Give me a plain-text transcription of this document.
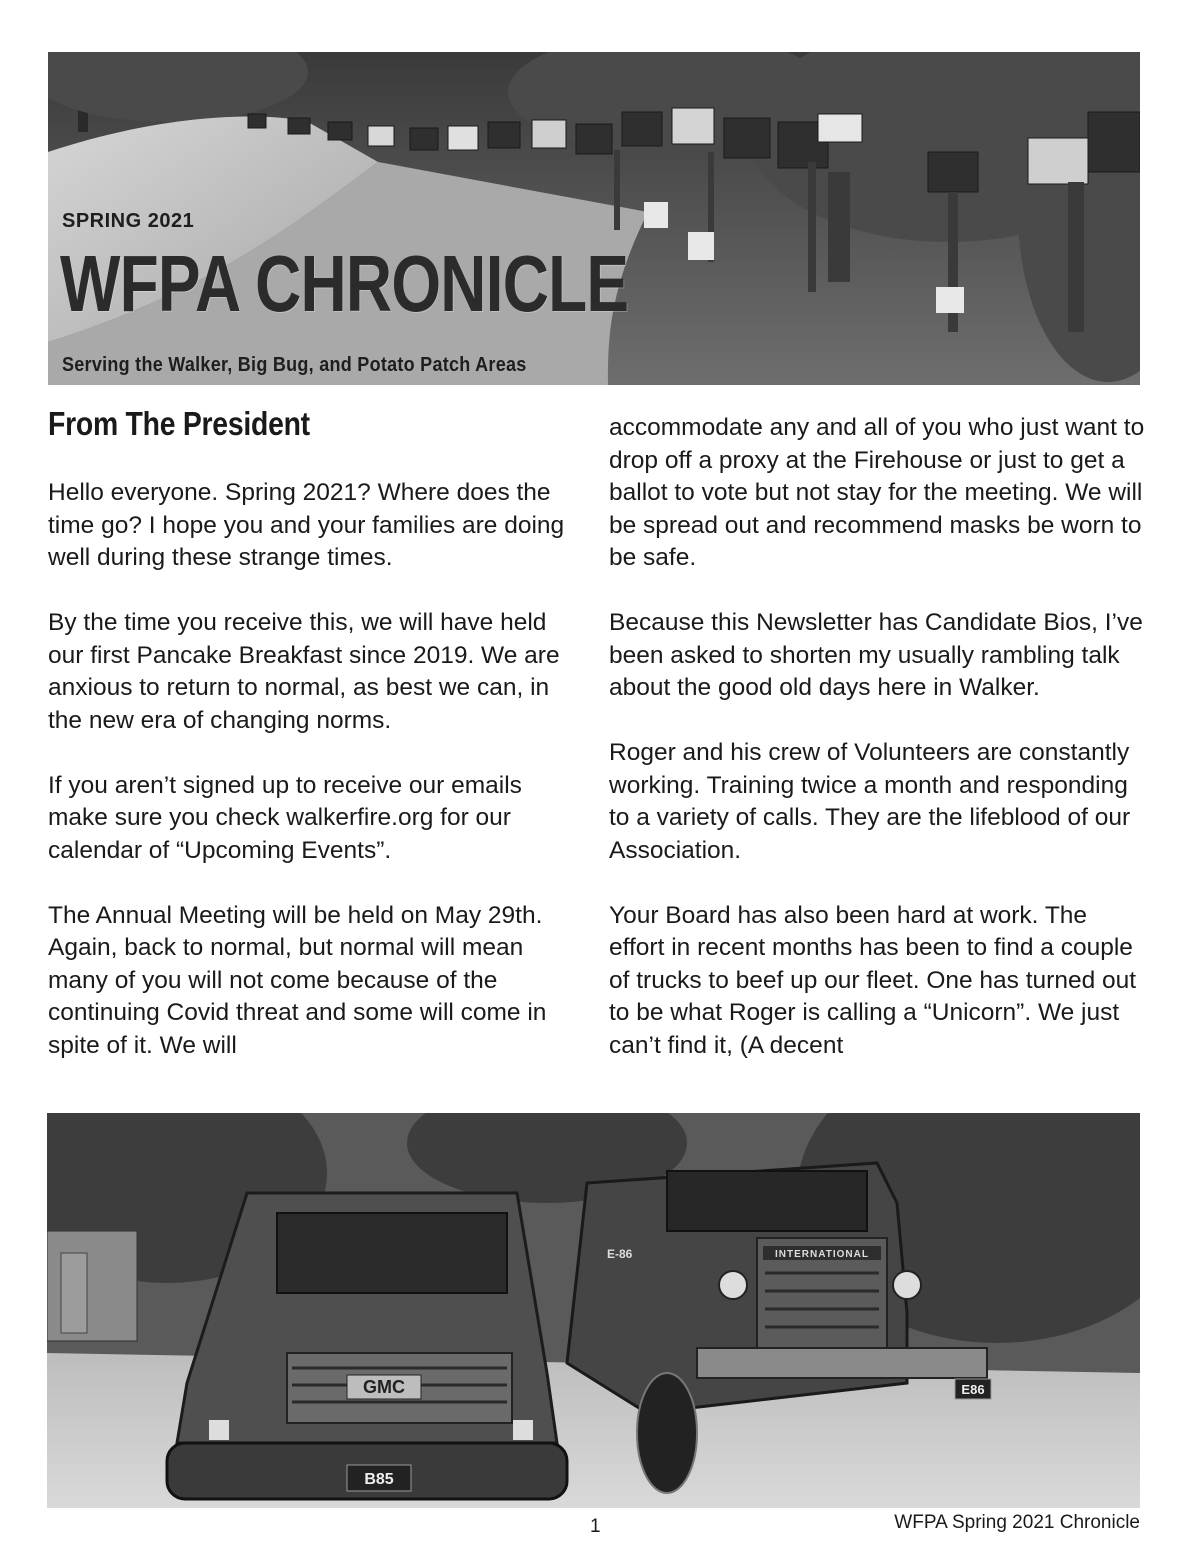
SPRING 2021
WFPA CHRONICLE
Serving the Walker, Big Bug, and Potato Patch Areas
From The President

Hello everyone. Spring 2021? Where does the time go? I hope you and your families are doing well during these strange times.

By the time you receive this, we will have held our first Pancake Breakfast since 2019. We are anxious to return to normal, as best we can, in the new era of changing norms.

If you aren’t signed up to receive our emails make sure you check walkerfire.org for our calendar of “Upcoming Events”.

The Annual Meeting will be held on May 29th. Again, back to normal, but normal will mean many of you will not come because of the continuing Covid threat and some will come in spite of it. We will

accommodate any and all of you who just want to drop off a proxy at the Firehouse or just to get a ballot to vote but not stay for the meeting. We will be spread out and recommend masks be worn to be safe.

Because this Newsletter has Candidate Bios, I’ve been asked to shorten my usually rambling talk about the good old days here in Walker.

Roger and his crew of Volunteers are constantly working. Training twice a month and responding to a variety of calls. They are the lifeblood of our Association.

Your Board has also been hard at work. The effort in recent months has been to find a couple of trucks to beef up our fleet. One has turned out to be what Roger is calling a “Unicorn”. We just can’t find it, (A decent

GMC
B85
INTERNATIONAL
E-86
E86
1	WFPA Spring 2021 Chronicle
